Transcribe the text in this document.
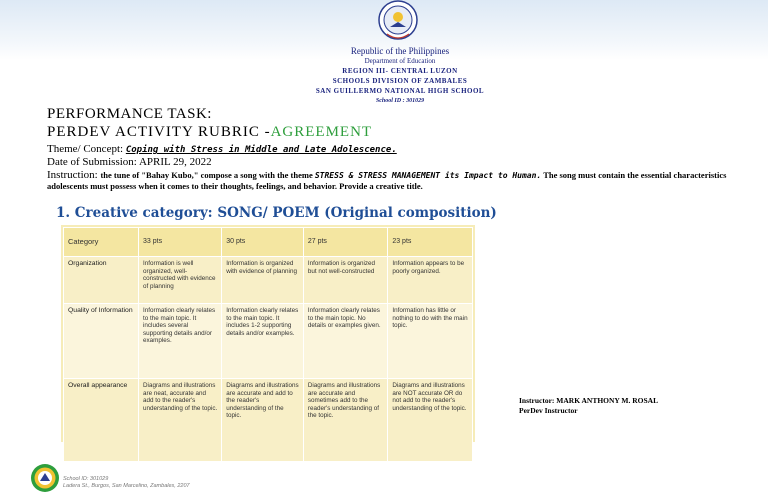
Republic of the Philippines
Department of Education
REGION III- CENTRAL LUZON
SCHOOLS DIVISION OF ZAMBALES
SAN GUILLERMO NATIONAL HIGH SCHOOL
School ID : 301029
PERFORMANCE TASK:
PERDEV ACTIVITY RUBRIC -AGREEMENT
Theme/ Concept: Coping with Stress in Middle and Late Adolescence.
Date of Submission: APRIL 29, 2022
Instruction: the tune of "Bahay Kubo," compose a song with the theme STRESS & STRESS MANAGEMENT its Impact to Human. The song must contain the essential characteristics adolescents must possess when it comes to their thoughts, feelings, and behavior. Provide a creative title.
1. Creative category: SONG/ POEM (Original composition)
Category	33 pts	30 pts	27 pts	23 pts
Organization	Information is well organized, well-constructed with evidence of planning	Information is organized with evidence of planning	Information is organized but not well-constructed	Information appears to be poorly organized.
Quality of Information	Information clearly relates to the main topic. It includes several supporting details and/or examples.	Information clearly relates to the main topic. It includes 1-2 supporting details and/or examples.	Information clearly relates to the main topic. No details or examples given.	Information has little or nothing to do with the main topic.
Overall appearance	Diagrams and illustrations are neat, accurate and add to the reader's understanding of the topic.	Diagrams and illustrations are accurate and add to the reader's understanding of the topic.	Diagrams and illustrations are accurate and sometimes add to the reader's understanding of the topic.	Diagrams and illustrations are NOT accurate OR do not add to the reader's understanding of the topic.
Instructor: MARK ANTHONY M. ROSAL
PerDev Instructor
School ID: 301029
Ladera St., Burgos, San Marcelino, Zambales, 2207
